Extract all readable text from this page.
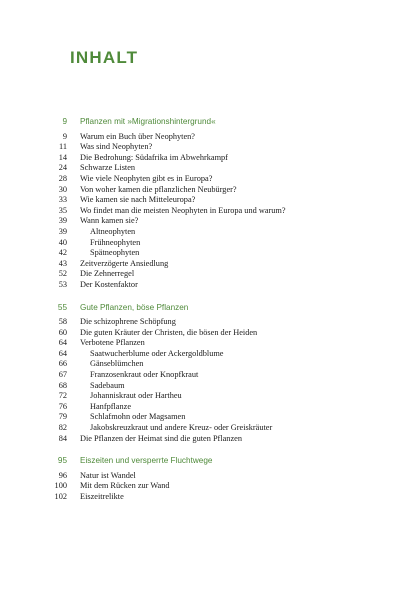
INHALT
9 Pflanzen mit »Migrationshintergrund«
9 Warum ein Buch über Neophyten?
11 Was sind Neophyten?
14 Die Bedrohung: Südafrika im Abwehrkampf
24 Schwarze Listen
28 Wie viele Neophyten gibt es in Europa?
30 Von woher kamen die pflanzlichen Neubürger?
33 Wie kamen sie nach Mitteleuropa?
35 Wo findet man die meisten Neophyten in Europa und warum?
39 Wann kamen sie?
39	Altneophyten
40	Frühneophyten
42	Spätneophyten
43 Zeitverzögerte Ansiedlung
52 Die Zehnerregel
53 Der Kostenfaktor
55 Gute Pflanzen, böse Pflanzen
58 Die schizophrene Schöpfung
60 Die guten Kräuter der Christen, die bösen der Heiden
64 Verbotene Pflanzen
64	Saatwucherblume oder Ackergoldblume
66	Gänseblümchen
67	Franzosenkraut oder Knopfkraut
68	Sadebaum
72	Johanniskraut oder Hartheu
76	Hanfpflanze
79	Schlafmohn oder Magsamen
82	Jakobskreuzkraut und andere Kreuz- oder Greiskräuter
84 Die Pflanzen der Heimat sind die guten Pflanzen
95 Eiszeiten und versperrte Fluchtwege
96 Natur ist Wandel
100 Mit dem Rücken zur Wand
102 Eiszeitrelikte
